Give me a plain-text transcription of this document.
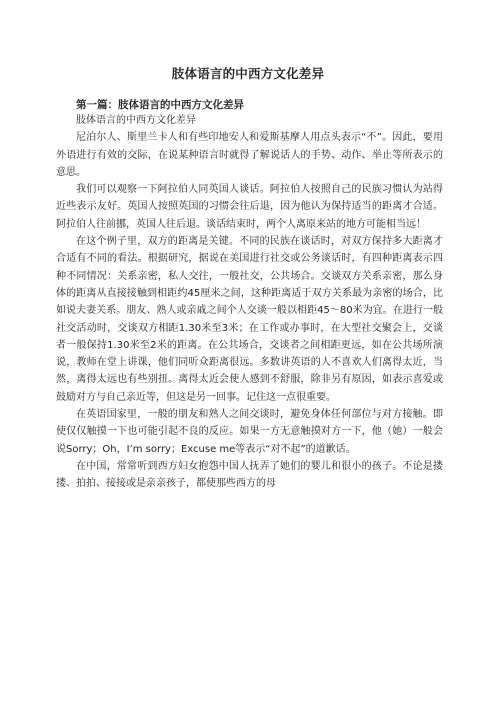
肢体语言的中西方文化差异
第一篇：肢体语言的中西方文化差异

肢体语言的中西方文化差异

尼泊尔人、斯里兰卡人和有些印地安人和爱斯基摩人用点头表示“不”。因此，要用外语进行有效的交际，在说某种语言时就得了解说话人的手势、动作、举止等所表示的意思。

我们可以观察一下阿拉伯人同英国人谈话。阿拉伯人按照自己的民族习惯认为站得近些表示友好。英国人按照英国的习惯会往后退，因为他认为保持适当的距离才合适。阿拉伯人往前挪，英国人往后退。谈话结束时，两个人离原来站的地方可能相当远！

在这个例子里，双方的距离是关键。不同的民族在谈话时，对双方保持多大距离才合适有不同的看法。根据研究，据说在美国进行社交或公务谈话时，有四种距离表示四种不同情况：关系亲密，私人交往，一般社交，公共场合。交谈双方关系亲密，那么身体的距离从直接接触到相距约45厘米之间，这种距离适于双方关系最为亲密的场合，比如说夫妻关系。朋友、熟人或亲戚之间个人交谈一般以相距45～80米为宜。在进行一般社交活动时，交谈双方相距1.30米至3米；在工作或办事时，在大型社交聚会上，交谈者一般保持1.30米至2米的距离。在公共场合，交谈者之间相距更远，如在公共场所演说，教师在堂上讲课，他们同听众距离很远。多数讲英语的人不喜欢人们离得太近，当然，离得太远也有些别扭。离得太近会使人感到不舒服，除非另有原因，如表示喜爱或鼓励对方与自己亲近等，但这是另一回事。记住这一点很重要。

在英语国家里，一般的朋友和熟人之间交谈时，避免身体任何部位与对方接触。即使仅仅触摸一下也可能引起不良的反应。如果一方无意触摸对方一下，他（她）一般会说Sorry；Oh，I’m sorry；Excuse me等表示“对不起”的道歉话。

在中国，常常听到西方妇女抱怨中国人抚弄了她们的婴儿和很小的孩子。不论是搂搂、拍拍、接接或是亲亲孩子，都使那些西方的母
